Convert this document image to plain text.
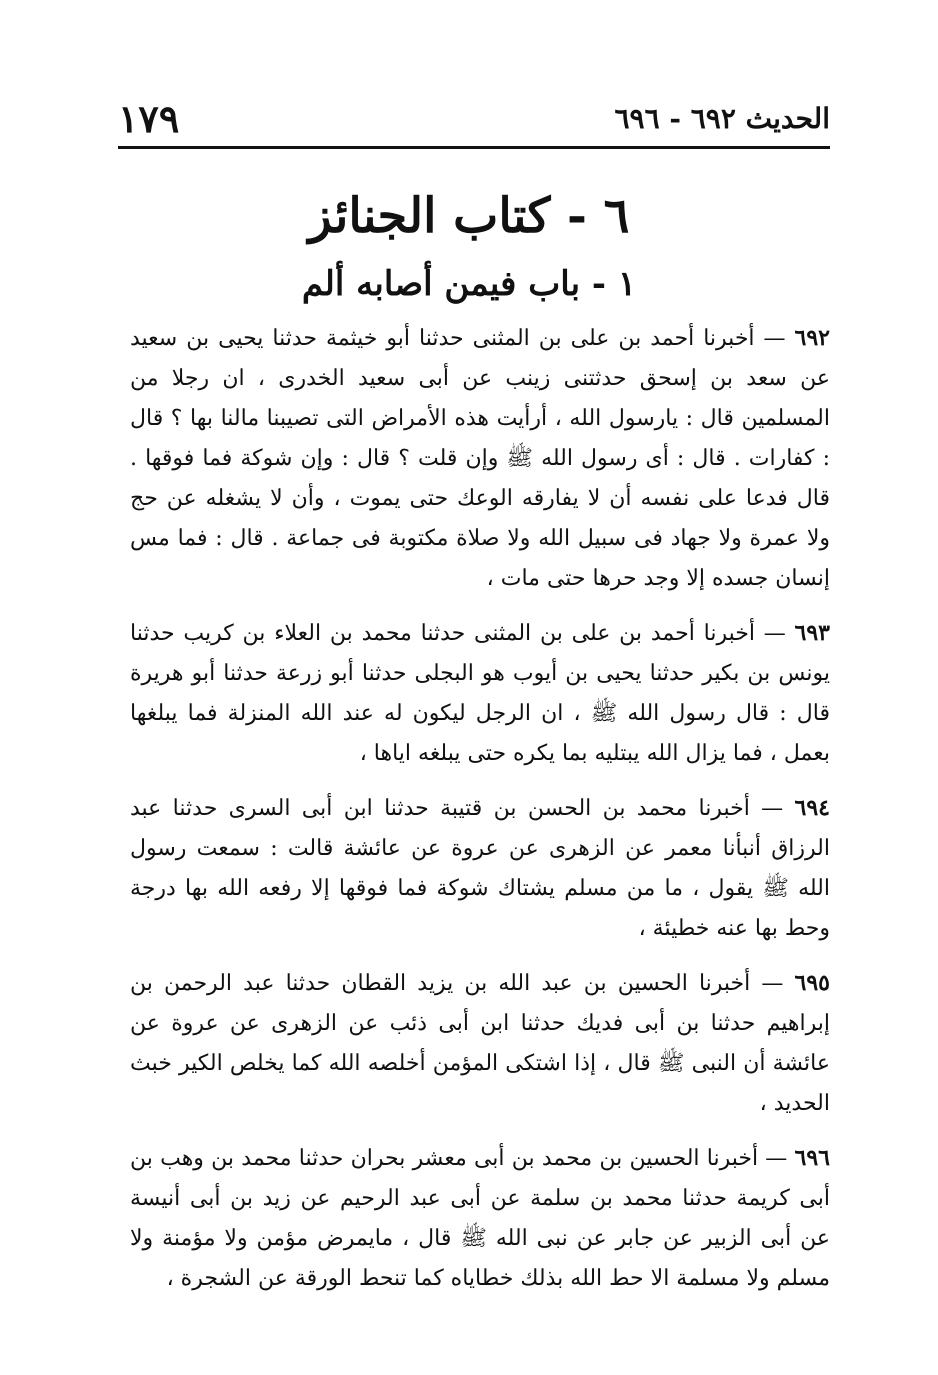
الحديث ٦٩٢ - ٦٩٦
١٧٩
٦ - كتاب الجنائز
١ - باب فيمن أصابه ألم

٦٩٢ — أخبرنا أحمد بن على بن المثنى حدثنا أبو خيثمة حدثنا يحيى بن سعيد عن سعد بن إسحق حدثتنى زينب عن أبى سعيد الخدرى ، ان رجلا من المسلمين قال : يارسول الله ، أرأيت هذه الأمراض التى تصيبنا مالنا بها ؟ قال : كفارات . قال : أى رسول الله ﷺ وإن قلت ؟ قال : وإن شوكة فما فوقها . قال فدعا على نفسه أن لا يفارقه الوعك حتى يموت ، وأن لا يشغله عن حج ولا عمرة ولا جهاد فى سبيل الله ولا صلاة مكتوبة فى جماعة . قال : فما مس إنسان جسده إلا وجد حرها حتى مات ،

٦٩٣ — أخبرنا أحمد بن على بن المثنى حدثنا محمد بن العلاء بن كريب حدثنا يونس بن بكير حدثنا يحيى بن أيوب هو البجلى حدثنا أبو زرعة حدثنا أبو هريرة قال : قال رسول الله ﷺ ، ان الرجل ليكون له عند الله المنزلة فما يبلغها بعمل ، فما يزال الله يبتليه بما يكره حتى يبلغه اياها ،

٦٩٤ — أخبرنا محمد بن الحسن بن قتيبة حدثنا ابن أبى السرى حدثنا عبد الرزاق أنبأنا معمر عن الزهرى عن عروة عن عائشة قالت : سمعت رسول الله ﷺ يقول ، ما من مسلم يشتاك شوكة فما فوقها إلا رفعه الله بها درجة وحط بها عنه خطيئة ،

٦٩٥ — أخبرنا الحسين بن عبد الله بن يزيد القطان حدثنا عبد الرحمن بن إبراهيم حدثنا بن أبى فديك حدثنا ابن أبى ذئب عن الزهرى عن عروة عن عائشة أن النبى ﷺ قال ، إذا اشتكى المؤمن أخلصه الله كما يخلص الكير خبث الحديد ،

٦٩٦ — أخبرنا الحسين بن محمد بن أبى معشر بحران حدثنا محمد بن وهب بن أبى كريمة حدثنا محمد بن سلمة عن أبى عبد الرحيم عن زيد بن أبى أنيسة عن أبى الزبير عن جابر عن نبى الله ﷺ قال ، مايمرض مؤمن ولا مؤمنة ولا مسلم ولا مسلمة الا حط الله بذلك خطاياه كما تنحط الورقة عن الشجرة ،
